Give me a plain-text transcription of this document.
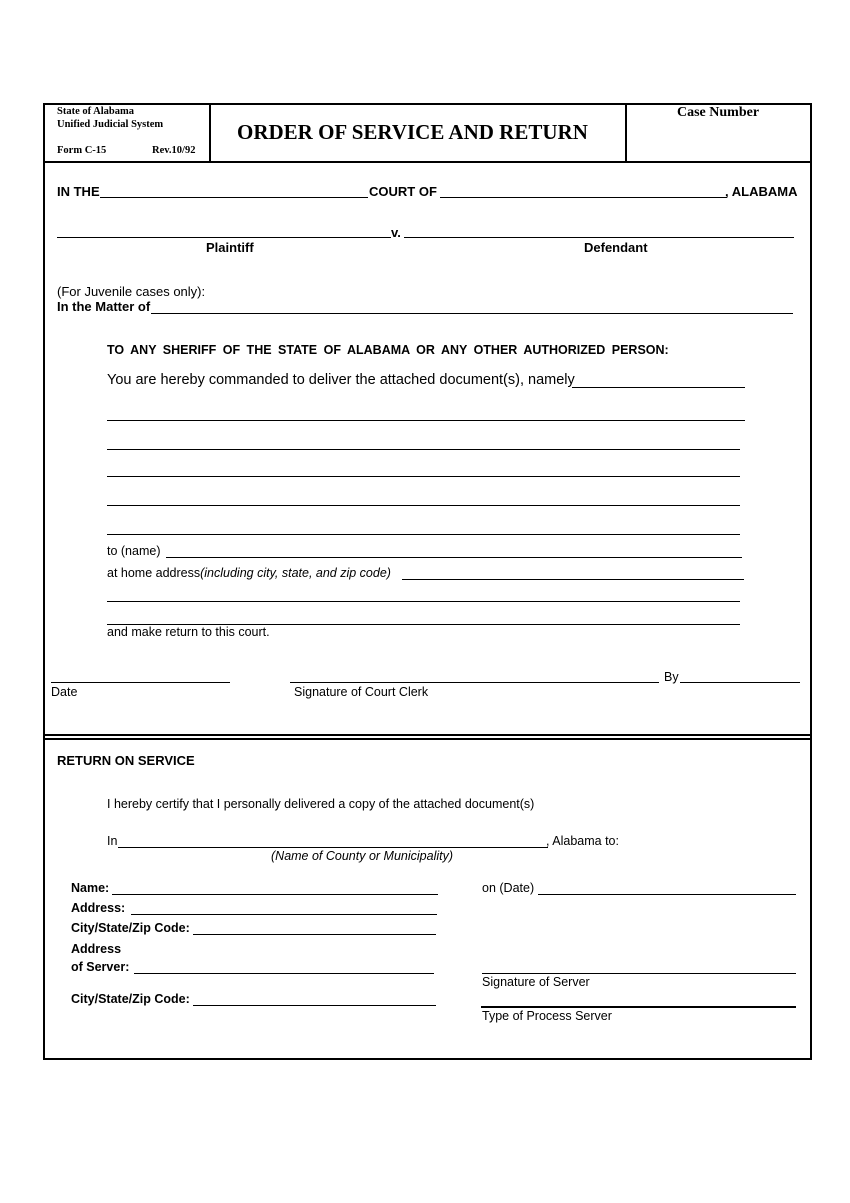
State of Alabama
Unified Judicial System
Form C-15	Rev.10/92
ORDER OF SERVICE AND RETURN
Case Number
IN THE	COURT OF	, ALABAMA
v.
Plaintiff	Defendant
(For Juvenile cases only):
In the Matter of
TO ANY SHERIFF OF THE STATE OF ALABAMA OR ANY OTHER AUTHORIZED PERSON:
You are hereby commanded to deliver the attached document(s), namely
to (name)
at home address(including city, state, and zip code)
and make return to this court.
Date	Signature of Court Clerk
By
RETURN ON SERVICE
I hereby certify that I personally delivered a copy of the attached document(s)
In	, Alabama to:
(Name of County or Municipality)
Name:
Address:
City/State/Zip Code:
Address
of Server:
City/State/Zip Code:
on (Date)
Signature of Server
Type of Process Server
